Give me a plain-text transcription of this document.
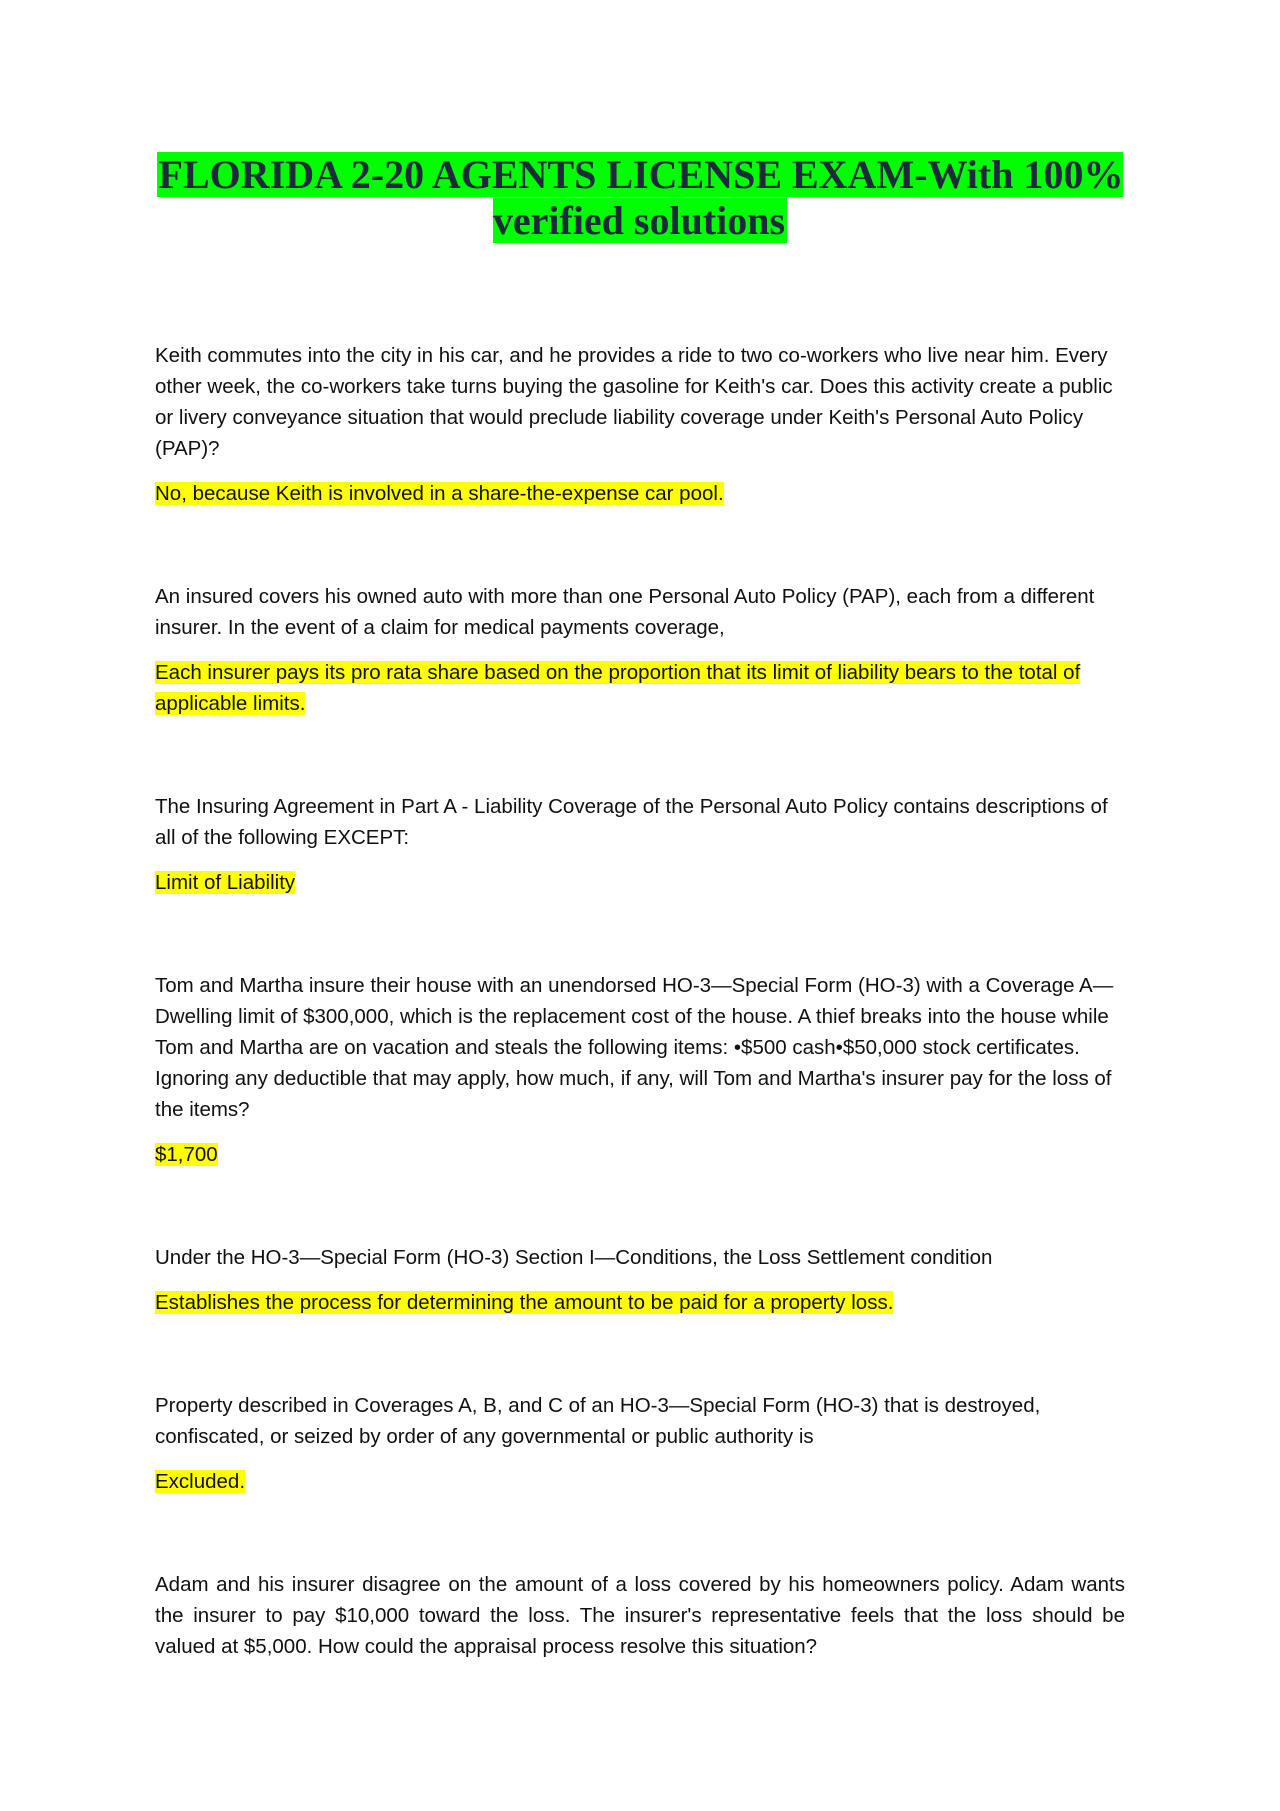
FLORIDA 2-20 AGENTS LICENSE EXAM-With 100% verified solutions

Keith commutes into the city in his car, and he provides a ride to two co-workers who live near him. Every other week, the co-workers take turns buying the gasoline for Keith's car. Does this activity create a public or livery conveyance situation that would preclude liability coverage under Keith's Personal Auto Policy (PAP)?

No, because Keith is involved in a share-the-expense car pool.

An insured covers his owned auto with more than one Personal Auto Policy (PAP), each from a different insurer. In the event of a claim for medical payments coverage,

Each insurer pays its pro rata share based on the proportion that its limit of liability bears to the total of applicable limits.

The Insuring Agreement in Part A - Liability Coverage of the Personal Auto Policy contains descriptions of all of the following EXCEPT:

Limit of Liability

Tom and Martha insure their house with an unendorsed HO-3—Special Form (HO-3) with a Coverage A—Dwelling limit of $300,000, which is the replacement cost of the house. A thief breaks into the house while Tom and Martha are on vacation and steals the following items: •$500 cash•$50,000 stock certificates. Ignoring any deductible that may apply, how much, if any, will Tom and Martha's insurer pay for the loss of the items?

$1,700

Under the HO-3—Special Form (HO-3) Section I—Conditions, the Loss Settlement condition

Establishes the process for determining the amount to be paid for a property loss.

Property described in Coverages A, B, and C of an HO-3—Special Form (HO-3) that is destroyed, confiscated, or seized by order of any governmental or public authority is

Excluded.

Adam and his insurer disagree on the amount of a loss covered by his homeowners policy. Adam wants the insurer to pay $10,000 toward the loss. The insurer's representative feels that the loss should be valued at $5,000. How could the appraisal process resolve this situation?
